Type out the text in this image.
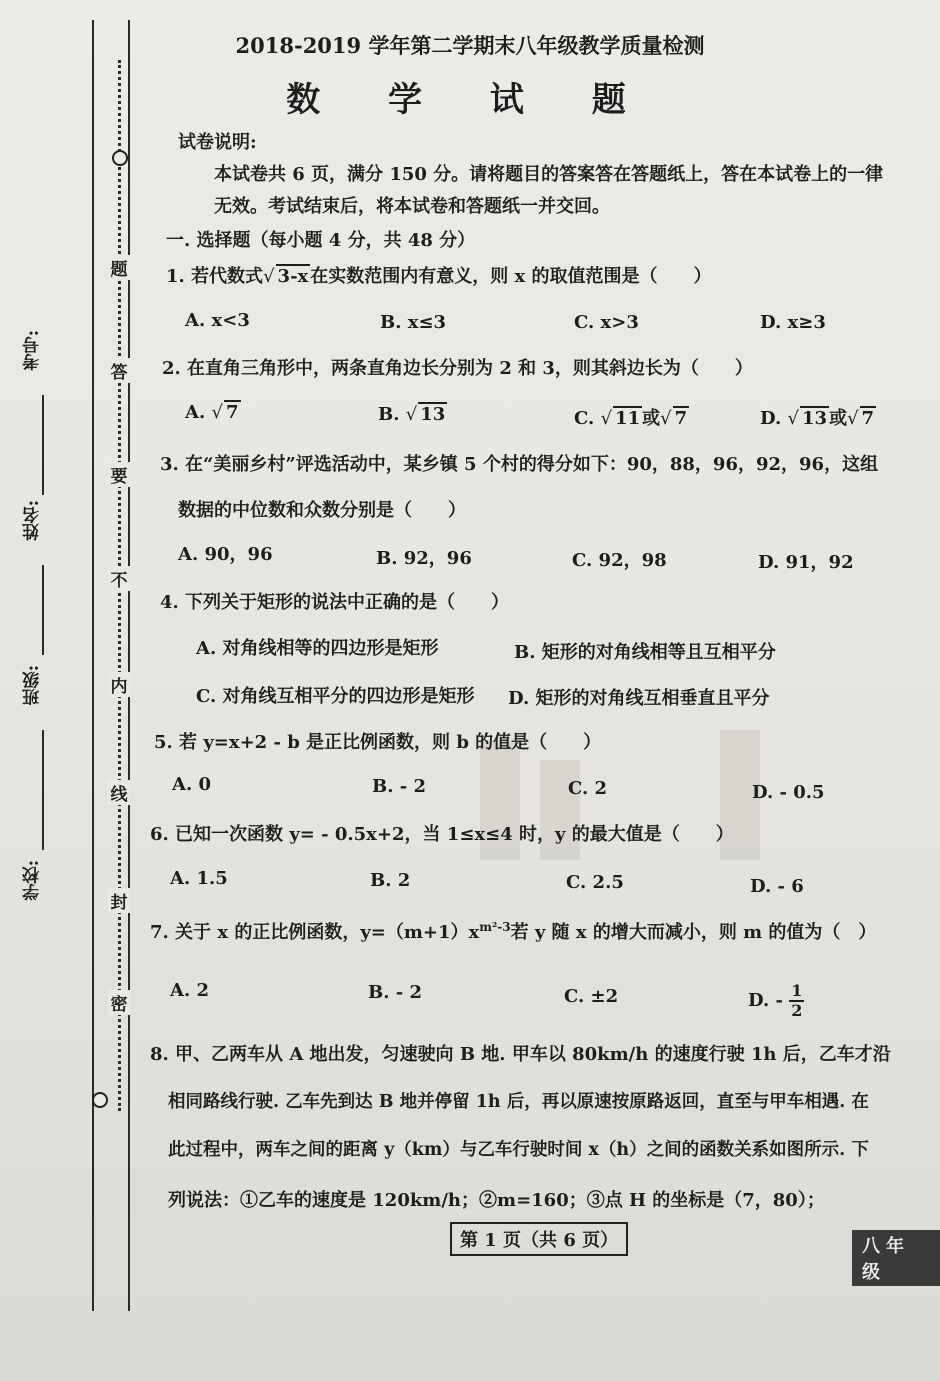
题
答
要
不
内
线
封
密
考号:
姓名:
班级:
学校:
2018-2019 学年第二学期末八年级教学质量检测
数 学 试 题
试卷说明:
本试卷共 6 页，满分 150 分。请将题目的答案答在答题纸上，答在本试卷上的一律
无效。考试结束后，将本试卷和答题纸一并交回。
一. 选择题（每小题 4 分，共 48 分）
1. 若代数式√ 3-x 在实数范围内有意义，则 x 的取值范围是（　　）
A. x<3	B. x≤3	C. x>3	D. x≥3
2. 在直角三角形中，两条直角边长分别为 2 和 3，则其斜边长为（　　）
A. √ 7	B. √ 13	C. √ 11 或√ 7	D. √ 13 或√ 7
3. 在“美丽乡村”评选活动中，某乡镇 5 个村的得分如下：90，88，96，92，96，这组
数据的中位数和众数分别是（　　）
A. 90，96	B. 92，96	C. 92，98	D. 91，92
4. 下列关于矩形的说法中正确的是（　　）
A. 对角线相等的四边形是矩形	B. 矩形的对角线相等且互相平分
C. 对角线互相平分的四边形是矩形 D. 矩形的对角线互相垂直且平分
5. 若 y=x+2 - b 是正比例函数，则 b 的值是（　　）
A. 0	B. - 2	C. 2	D. - 0.5
6. 已知一次函数 y= - 0.5x+2，当 1≤x≤4 时，y 的最大值是（　　）
A. 1.5	B. 2	C. 2.5	D. - 6
7. 关于 x 的正比例函数，$y=(m+1)x^{m^2-3}$若 y 随 x 的增大而减小，则 m 的值为（　）
A. 2	B. - 2	C. ±2	D. - $\frac{1}{2}$
8. 甲、乙两车从 A 地出发，匀速驶向 B 地. 甲车以 80km/h 的速度行驶 1h 后，乙车才沿
相同路线行驶. 乙车先到达 B 地并停留 1h 后，再以原速按原路返回，直至与甲车相遇. 在
此过程中，两车之间的距离 y（km）与乙车行驶时间 x（h）之间的函数关系如图所示. 下
列说法：①乙车的速度是 120km/h；②m=160；③点 H 的坐标是（7，80）；
第 1 页（共 6 页）	八年级
